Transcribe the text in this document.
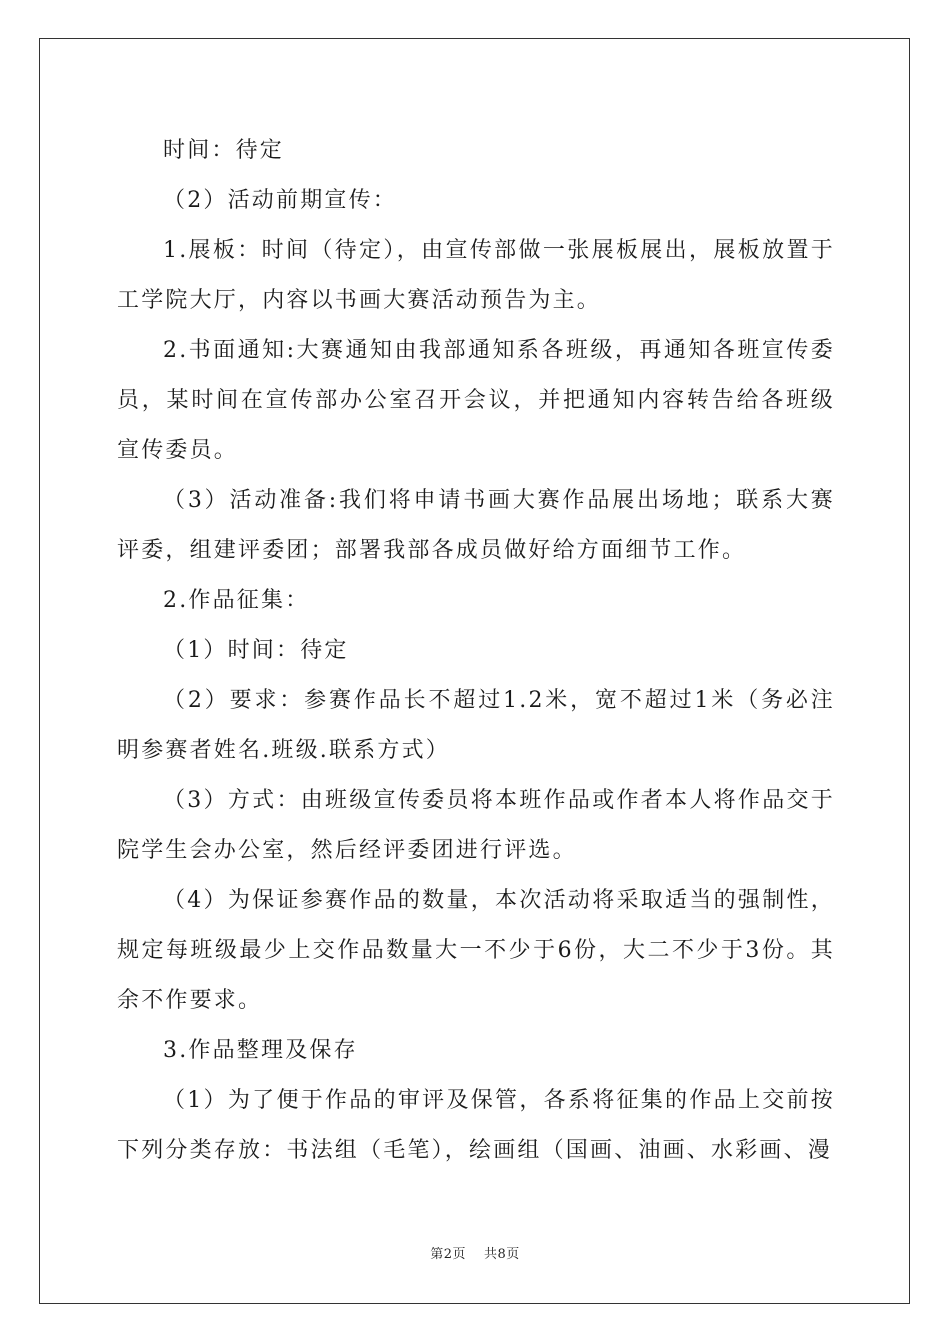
时间：待定

（2）活动前期宣传：

1.展板：时间（待定），由宣传部做一张展板展出，展板放置于工学院大厅，内容以书画大赛活动预告为主。

2.书面通知:大赛通知由我部通知系各班级，再通知各班宣传委员，某时间在宣传部办公室召开会议，并把通知内容转告给各班级宣传委员。

（3）活动准备:我们将申请书画大赛作品展出场地；联系大赛评委，组建评委团；部署我部各成员做好给方面细节工作。

2.作品征集：

（1）时间：待定

（2）要求：参赛作品长不超过1.2米，宽不超过1米（务必注明参赛者姓名.班级.联系方式）

（3）方式：由班级宣传委员将本班作品或作者本人将作品交于院学生会办公室，然后经评委团进行评选。

（4）为保证参赛作品的数量，本次活动将采取适当的强制性，规定每班级最少上交作品数量大一不少于6份，大二不少于3份。其余不作要求。

3.作品整理及保存

（1）为了便于作品的审评及保管，各系将征集的作品上交前按下列分类存放：书法组（毛笔），绘画组（国画、油画、水彩画、漫

第2页 共8页
